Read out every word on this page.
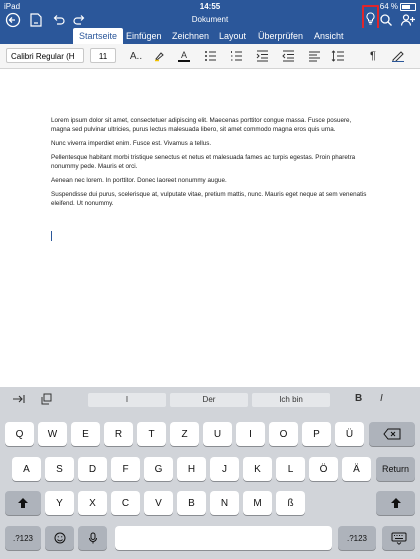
iPad	14:55	64 %
Dokument
Startseite Einfügen	Zeichnen	Layout	Überprüfen	Ansicht
Calibri Regular (H	11	A..	A	¶

Lorem ipsum dolor sit amet, consectetuer adipiscing elit. Maecenas porttitor congue massa. Fusce posuere, magna sed pulvinar ultricies, purus lectus malesuada libero, sit amet commodo magna eros quis urna.

Nunc viverra imperdiet enim. Fusce est. Vivamus a tellus.

Pellentesque habitant morbi tristique senectus et netus et malesuada fames ac turpis egestas. Proin pharetra nonummy pede. Mauris et orci.

Aenean nec lorem. In porttitor. Donec laoreet nonummy augue.

Suspendisse dui purus, scelerisque at, vulputate vitae, pretium mattis, nunc. Mauris eget neque at sem venenatis eleifend. Ut nonummy.

I	Der	Ich bin	B I
Q	W	E	R	T	Z	U	I	O	P	Ü
A	S	D	F	G	H	J	K	L	Ö	Ä	Return
Y	X	C	V	B	N	M	ß
.?123	.?123
